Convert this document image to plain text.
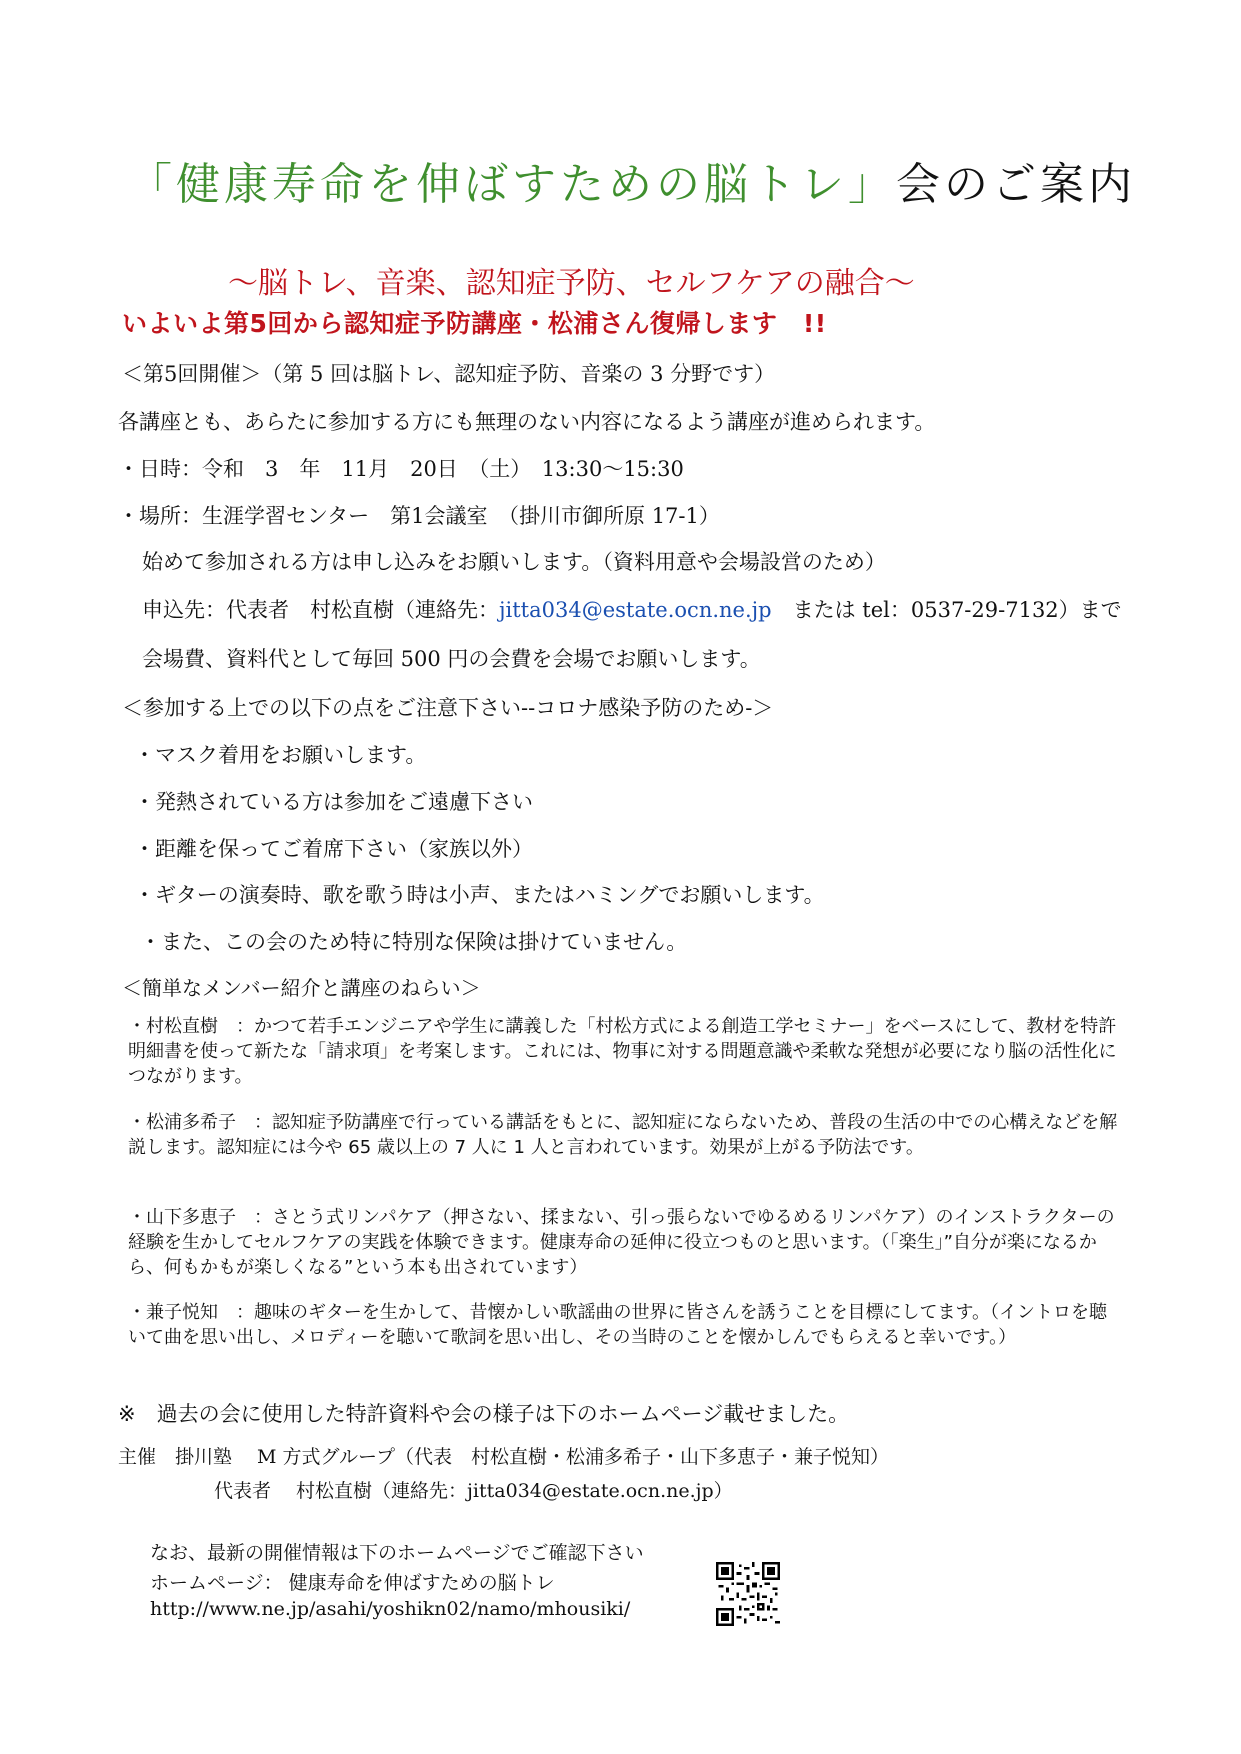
「健康寿命を伸ばすための脳トレ」会のご案内
～脳トレ、音楽、認知症予防、セルフケアの融合～
いよいよ第5回から認知症予防講座・松浦さん復帰します　!!
＜第5回開催＞（第 5 回は脳トレ、認知症予防、音楽の 3 分野です）
各講座とも、あらたに参加する方にも無理のない内容になるよう講座が進められます。
・日時：令和　3　年　11月　20日　（土）　13:30～15:30
・場所：生涯学習センター　第1会議室　（掛川市御所原 17-1）
始めて参加される方は申し込みをお願いします。（資料用意や会場設営のため）
申込先：代表者　村松直樹（連絡先：jitta034@estate.ocn.ne.jp　または tel：0537-29-7132）まで
会場費、資料代として毎回 500 円の会費を会場でお願いします。
＜参加する上での以下の点をご注意下さい--コロナ感染予防のため-＞
・マスク着用をお願いします。
・発熱されている方は参加をご遠慮下さい
・距離を保ってご着席下さい（家族以外）
・ギターの演奏時、歌を歌う時は小声、またはハミングでお願いします。
・また、この会のため特に特別な保険は掛けていません。
＜簡単なメンバー紹介と講座のねらい＞
・村松直樹　：かつて若手エンジニアや学生に講義した「村松方式による創造工学セミナー」をベースにして、教材を特許明細書を使って新たな「請求項」を考案します。これには、物事に対する問題意識や柔軟な発想が必要になり脳の活性化につながります。
・松浦多希子　：認知症予防講座で行っている講話をもとに、認知症にならないため、普段の生活の中での心構えなどを解説します。認知症には今や 65 歳以上の 7 人に 1 人と言われています。効果が上がる予防法です。
・山下多恵子　：さとう式リンパケア（押さない、揉まない、引っ張らないでゆるめるリンパケア）のインストラクターの経験を生かしてセルフケアの実践を体験できます。健康寿命の延伸に役立つものと思います。（「楽生」”自分が楽になるから、何もかもが楽しくなる”という本も出されています）
・兼子悦知　：趣味のギターを生かして、昔懐かしい歌謡曲の世界に皆さんを誘うことを目標にしてます。（イントロを聴いて曲を思い出し、メロディーを聴いて歌詞を思い出し、その当時のことを懐かしんでもらえると幸いです。）
※　過去の会に使用した特許資料や会の様子は下のホームページ載せました。
主催　掛川塾　 M 方式グループ（代表　村松直樹・松浦多希子・山下多恵子・兼子悦知）
代表者　 村松直樹（連絡先：jitta034@estate.ocn.ne.jp）
なお、最新の開催情報は下のホームページでご確認下さい
ホームページ： 健康寿命を伸ばすための脳トレ
http://www.ne.jp/asahi/yoshikn02/namo/mhousiki/
